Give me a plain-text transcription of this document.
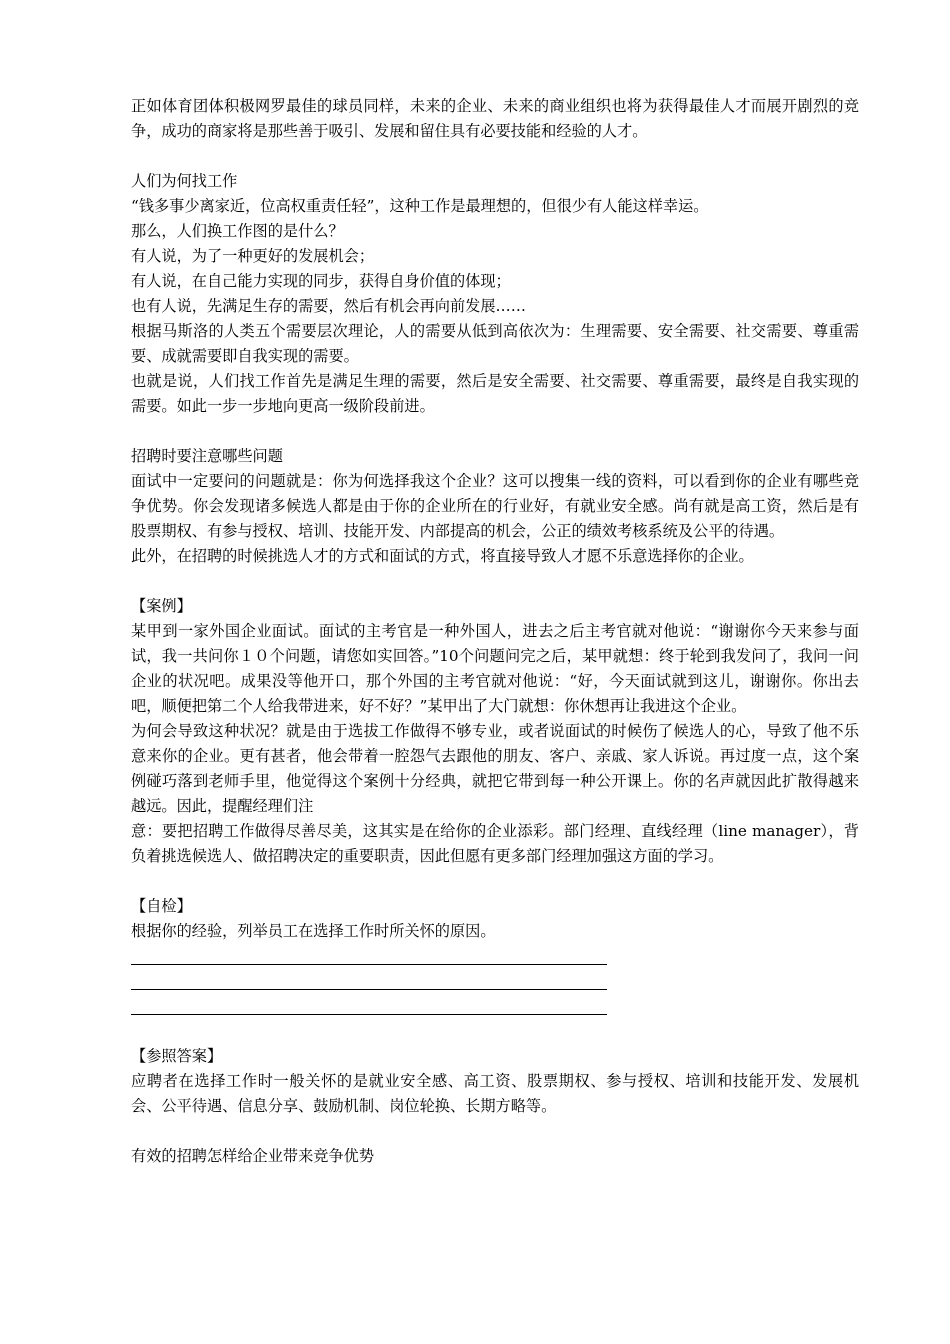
正如体育团体积极网罗最佳的球员同样，未来的企业、未来的商业组织也将为获得最佳人才而展开剧烈的竞争，成功的商家将是那些善于吸引、发展和留住具有必要技能和经验的人才。

人们为何找工作

“钱多事少离家近，位高权重责任轻”，这种工作是最理想的，但很少有人能这样幸运。

那么，人们换工作图的是什么？

有人说，为了一种更好的发展机会；

有人说，在自己能力实现的同步，获得自身价值的体现；

也有人说，先满足生存的需要，然后有机会再向前发展……

根据马斯洛的人类五个需要层次理论，人的需要从低到高依次为：生理需要、安全需要、社交需要、尊重需要、成就需要即自我实现的需要。

也就是说，人们找工作首先是满足生理的需要，然后是安全需要、社交需要、尊重需要，最终是自我实现的需要。如此一步一步地向更高一级阶段前进。

招聘时要注意哪些问题

面试中一定要问的问题就是：你为何选择我这个企业？这可以搜集一线的资料，可以看到你的企业有哪些竞争优势。你会发现诸多候选人都是由于你的企业所在的行业好，有就业安全感。尚有就是高工资，然后是有股票期权、有参与授权、培训、技能开发、内部提高的机会，公正的绩效考核系统及公平的待遇。

此外，在招聘的时候挑选人才的方式和面试的方式，将直接导致人才愿不乐意选择你的企业。

【案例】

某甲到一家外国企业面试。面试的主考官是一种外国人，进去之后主考官就对他说：“谢谢你今天来参与面试，我一共问你１０个问题，请您如实回答。”10个问题问完之后，某甲就想：终于轮到我发问了，我问一问企业的状况吧。成果没等他开口，那个外国的主考官就对他说：“好，今天面试就到这儿，谢谢你。你出去吧，顺便把第二个人给我带进来，好不好？”某甲出了大门就想：你休想再让我进这个企业。

为何会导致这种状况？就是由于选拔工作做得不够专业，或者说面试的时候伤了候选人的心，导致了他不乐意来你的企业。更有甚者，他会带着一腔怨气去跟他的朋友、客户、亲戚、家人诉说。再过度一点，这个案例碰巧落到老师手里，他觉得这个案例十分经典，就把它带到每一种公开课上。你的名声就因此扩散得越来越远。因此，提醒经理们注

意：要把招聘工作做得尽善尽美，这其实是在给你的企业添彩。部门经理、直线经理（line manager），背负着挑选候选人、做招聘决定的重要职责，因此但愿有更多部门经理加强这方面的学习。

【自检】

根据你的经验，列举员工在选择工作时所关怀的原因。

【参照答案】

应聘者在选择工作时一般关怀的是就业安全感、高工资、股票期权、参与授权、培训和技能开发、发展机会、公平待遇、信息分享、鼓励机制、岗位轮换、长期方略等。

有效的招聘怎样给企业带来竞争优势
